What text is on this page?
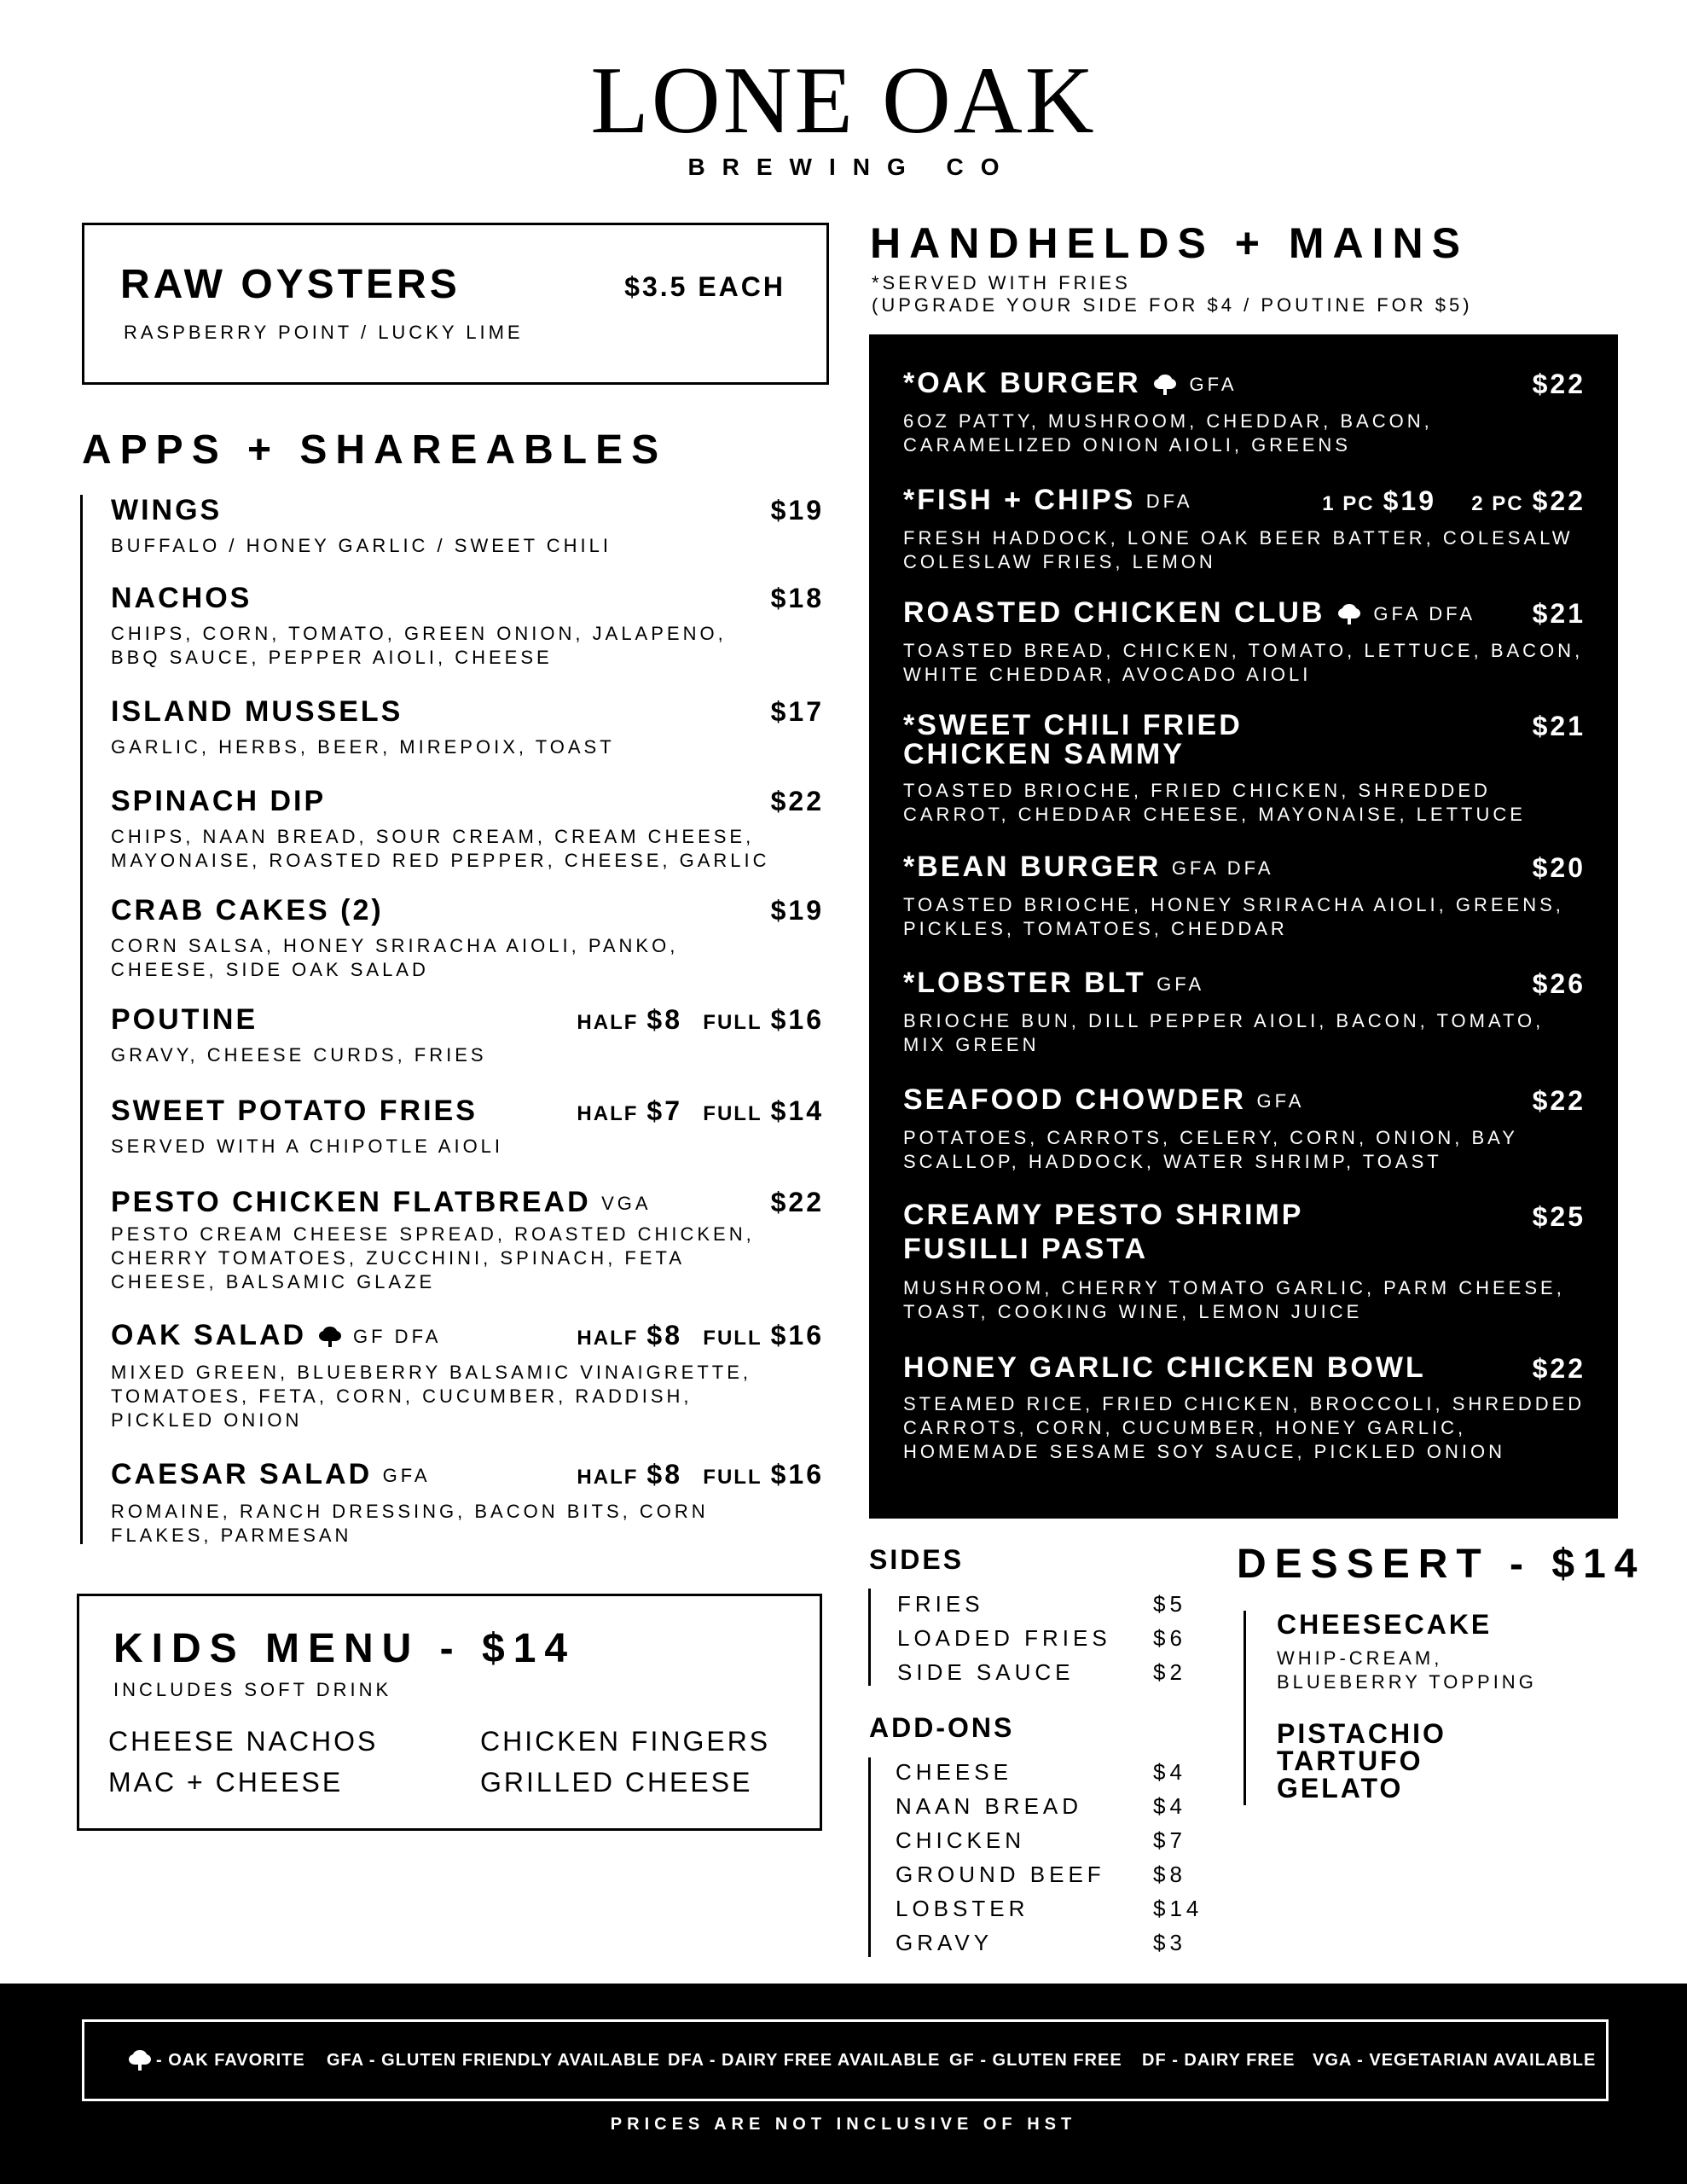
LONE OAK
BREWING CO
RAW OYSTERS	$3.5 EACH
RASPBERRY POINT / LUCKY LIME
APPS + SHAREABLES
WINGS	$19
BUFFALO / HONEY GARLIC / SWEET CHILI
NACHOS	$18
CHIPS, CORN, TOMATO, GREEN ONION, JALAPENO, BBQ SAUCE, PEPPER AIOLI, CHEESE
ISLAND MUSSELS	$17
GARLIC, HERBS, BEER, MIREPOIX, TOAST
SPINACH DIP	$22
CHIPS, NAAN BREAD, SOUR CREAM, CREAM CHEESE, MAYONAISE, ROASTED RED PEPPER, CHEESE, GARLIC
CRAB CAKES (2)	$19
CORN SALSA, HONEY SRIRACHA AIOLI, PANKO, CHEESE, SIDE OAK SALAD
POUTINE	HALF $8 FULL $16
GRAVY, CHEESE CURDS, FRIES
SWEET POTATO FRIES	HALF $7 FULL $14
SERVED WITH A CHIPOTLE AIOLI
PESTO CHICKEN FLATBREAD VGA	$22
PESTO CREAM CHEESE SPREAD, ROASTED CHICKEN, CHERRY TOMATOES, ZUCCHINI, SPINACH, FETA CHEESE, BALSAMIC GLAZE
OAK SALAD GF DFA	HALF $8 FULL $16
MIXED GREEN, BLUEBERRY BALSAMIC VINAIGRETTE, TOMATOES, FETA, CORN, CUCUMBER, RADDISH, PICKLED ONION
CAESAR SALAD GFA	HALF $8 FULL $16
ROMAINE, RANCH DRESSING, BACON BITS, CORN FLAKES, PARMESAN
KIDS MENU - $14
INCLUDES SOFT DRINK
CHEESE NACHOS	CHICKEN FINGERS
MAC + CHEESE	GRILLED CHEESE
HANDHELDS + MAINS
*SERVED WITH FRIES
(UPGRADE YOUR SIDE FOR $4 / POUTINE FOR $5)
*OAK BURGER	GFA	$22
6OZ PATTY, MUSHROOM, CHEDDAR, BACON, CARAMELIZED ONION AIOLI, GREENS
*FISH + CHIPS DFA	1 PC $19 2 PC $22
FRESH HADDOCK, LONE OAK BEER BATTER, COLESALW COLESLAW FRIES, LEMON
ROASTED CHICKEN CLUB	GFA DFA	$21
TOASTED BREAD, CHICKEN, TOMATO, LETTUCE, BACON, WHITE CHEDDAR, AVOCADO AIOLI
*SWEET CHILI FRIED CHICKEN SAMMY
$21
TOASTED BRIOCHE, FRIED CHICKEN, SHREDDED CARROT, CHEDDAR CHEESE, MAYONAISE, LETTUCE
*BEAN BURGER GFA DFA	$20
TOASTED BRIOCHE, HONEY SRIRACHA AIOLI, GREENS, PICKLES, TOMATOES, CHEDDAR
*LOBSTER BLT GFA	$26
BRIOCHE BUN, DILL PEPPER AIOLI, BACON, TOMATO, MIX GREEN
SEAFOOD CHOWDER GFA	$22
POTATOES, CARROTS, CELERY, CORN, ONION, BAY SCALLOP, HADDOCK, WATER SHRIMP, TOAST
CREAMY PESTO SHRIMP FUSILLI PASTA
$25
MUSHROOM, CHERRY TOMATO GARLIC, PARM CHEESE, TOAST, COOKING WINE, LEMON JUICE
HONEY GARLIC CHICKEN BOWL	$22
STEAMED RICE, FRIED CHICKEN, BROCCOLI, SHREDDED CARROTS, CORN, CUCUMBER, HONEY GARLIC, HOMEMADE SESAME SOY SAUCE, PICKLED ONION
SIDES
FRIES	$5
LOADED FRIES $6
SIDE SAUCE	$2
ADD-ONS
CHEESE	$4
NAAN BREAD	$4
CHICKEN	$7
GROUND BEEF $8
LOBSTER	$14
GRAVY	$3
DESSERT - $14
CHEESECAKE
WHIP-CREAM, BLUEBERRY TOPPING
PISTACHIO TARTUFO GELATO
- OAK FAVORITE GFA - GLUTEN FRIENDLY AVAILABLE DFA - DAIRY FREE AVAILABLE GF - GLUTEN FREE DF - DAIRY FREE VGA - VEGETARIAN AVAILABLE
PRICES ARE NOT INCLUSIVE OF HST
